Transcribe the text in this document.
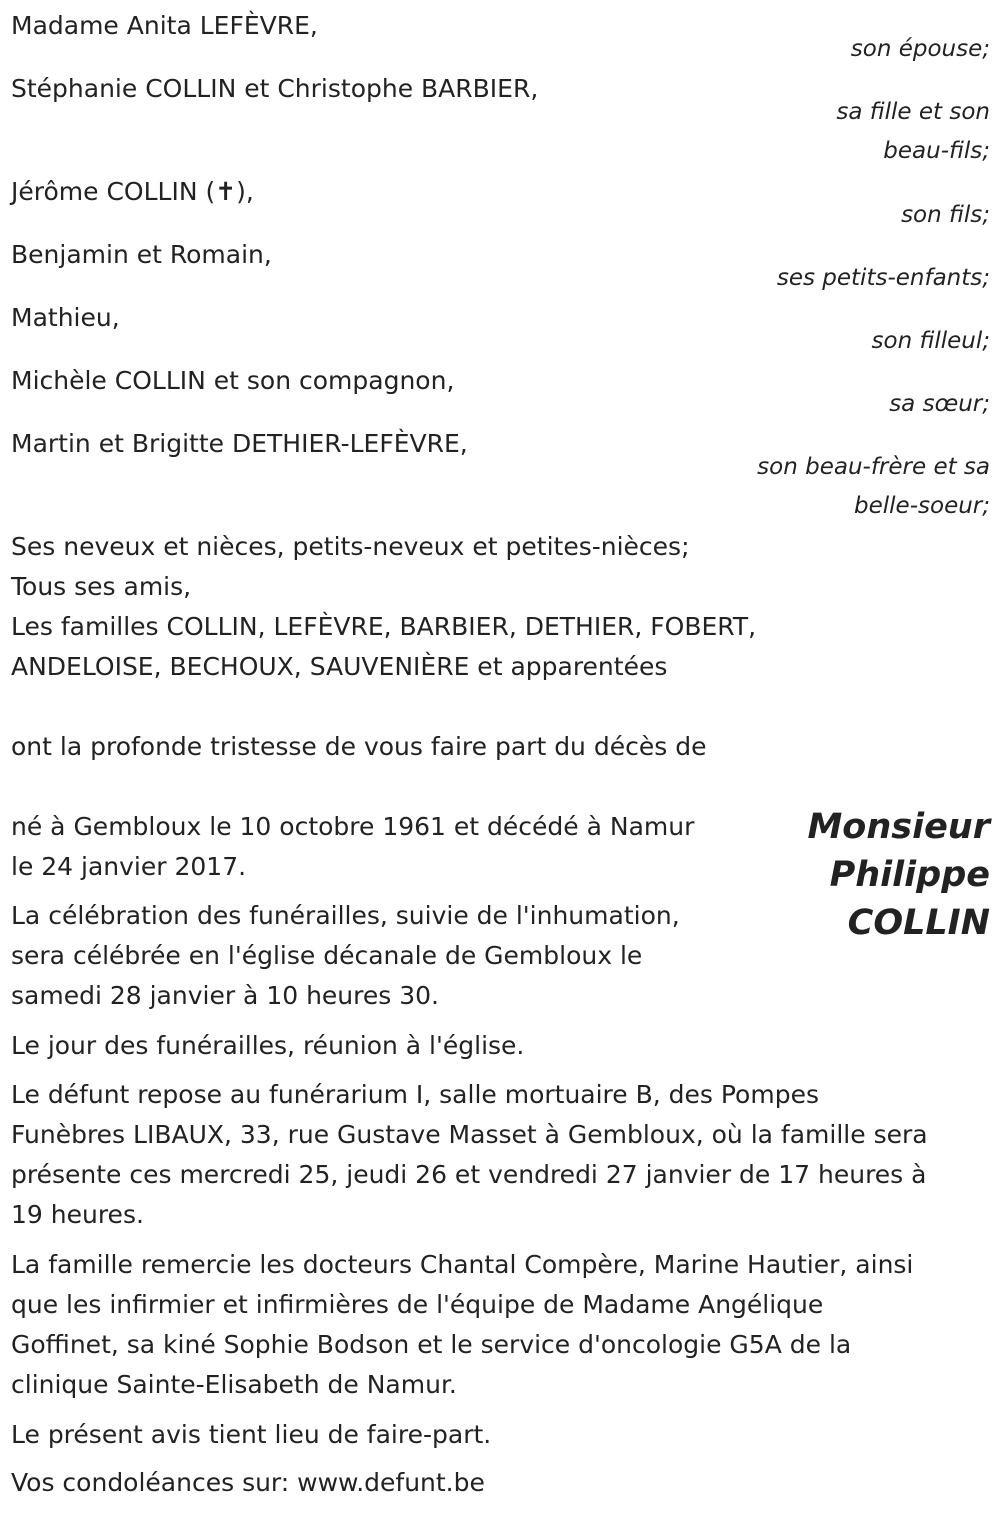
Madame Anita LEFÈVRE,
son épouse;
Stéphanie COLLIN et Christophe BARBIER,
sa fille et son
beau-fils;
Jérôme COLLIN (✝),
son fils;
Benjamin et Romain,
ses petits-enfants;
Mathieu,
son filleul;
Michèle COLLIN et son compagnon,
sa sœur;
Martin et Brigitte DETHIER-LEFÈVRE,
son beau-frère et sa
belle-soeur;
Ses neveux et nièces, petits-neveux et petites-nièces;
Tous ses amis,
Les familles COLLIN, LEFÈVRE, BARBIER, DETHIER, FOBERT,
ANDELOISE, BECHOUX, SAUVENIÈRE et apparentées
ont la profonde tristesse de vous faire part du décès de
Monsieur
Philippe
COLLIN
né à Gembloux le 10 octobre 1961 et décédé à Namur
le 24 janvier 2017.
La célébration des funérailles, suivie de l'inhumation,
sera célébrée en l'église décanale de Gembloux le
samedi 28 janvier à 10 heures 30.
Le jour des funérailles, réunion à l'église.
Le défunt repose au funérarium I, salle mortuaire B, des Pompes
Funèbres LIBAUX, 33, rue Gustave Masset à Gembloux, où la famille sera
présente ces mercredi 25, jeudi 26 et vendredi 27 janvier de 17 heures à
19 heures.
La famille remercie les docteurs Chantal Compère, Marine Hautier, ainsi
que les infirmier et infirmières de l'équipe de Madame Angélique
Goffinet, sa kiné Sophie Bodson et le service d'oncologie G5A de la
clinique Sainte-Elisabeth de Namur.
Le présent avis tient lieu de faire-part.
Vos condoléances sur: www.defunt.be
